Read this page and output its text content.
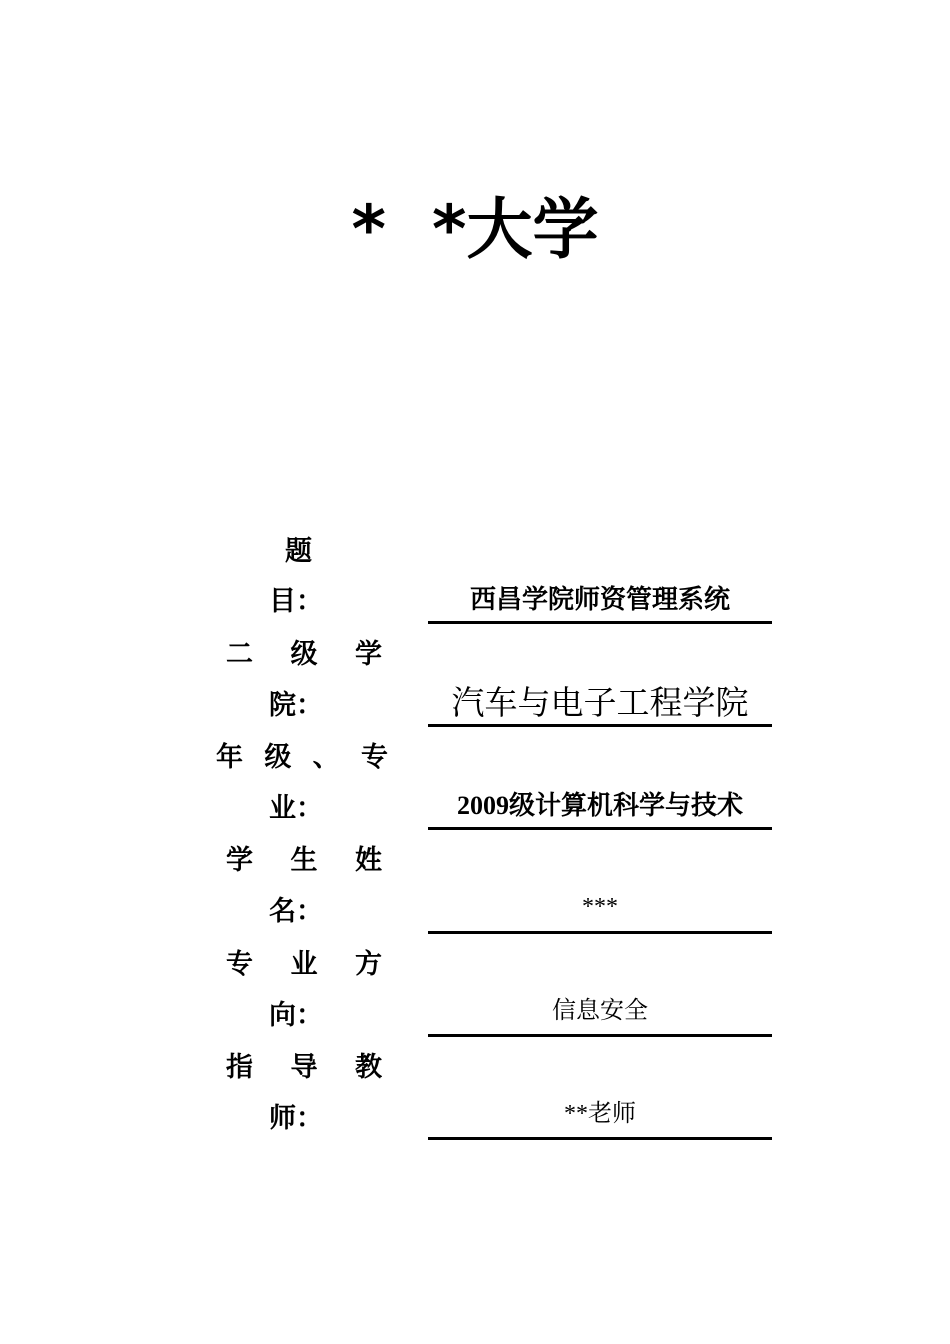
*  *大学
题
目：	西昌学院师资管理系统
二级学
院：	汽车与电子工程学院
年级、专
业：	2009级计算机科学与技术
学生姓
名：	***
专业方
向：	信息安全
指导教
师：	**老师
